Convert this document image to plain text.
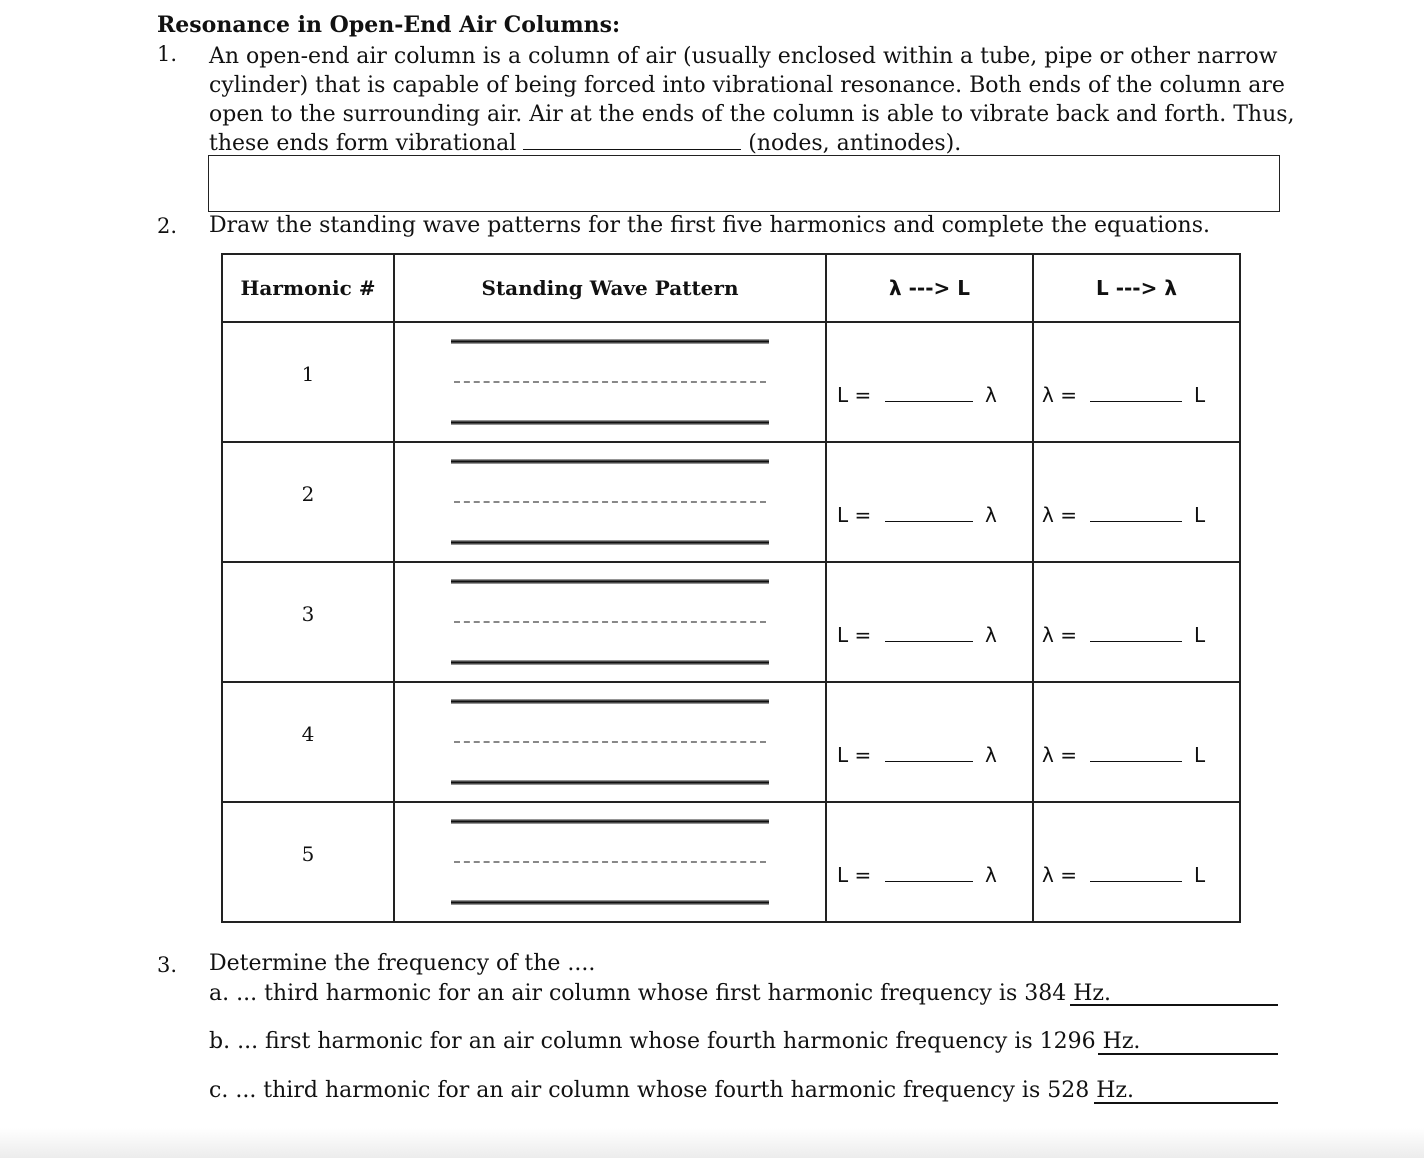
Resonance in Open-End Air Columns:
1. An open-end air column is a column of air (usually enclosed within a tube, pipe or other narrow
cylinder) that is capable of being forced into vibrational resonance. Both ends of the column are
open to the surrounding air. Air at the ends of the column is able to vibrate back and forth. Thus,
these ends form vibrational	(nodes, antinodes).
2. Draw the standing wave patterns for the first five harmonics and complete the equations.
Harmonic #	Standing Wave Pattern	λ ---> L	L ---> λ
1		L = λ	λ = L

2		L = λ	λ = L

3		L = λ	λ = L

4		L = λ	λ = L

5		L = λ	λ = L
3. Determine the frequency of the ....
a. ... third harmonic for an air column whose first harmonic frequency is 384 Hz.
b. ... first harmonic for an air column whose fourth harmonic frequency is 1296 Hz.
c. ... third harmonic for an air column whose fourth harmonic frequency is 528 Hz.
